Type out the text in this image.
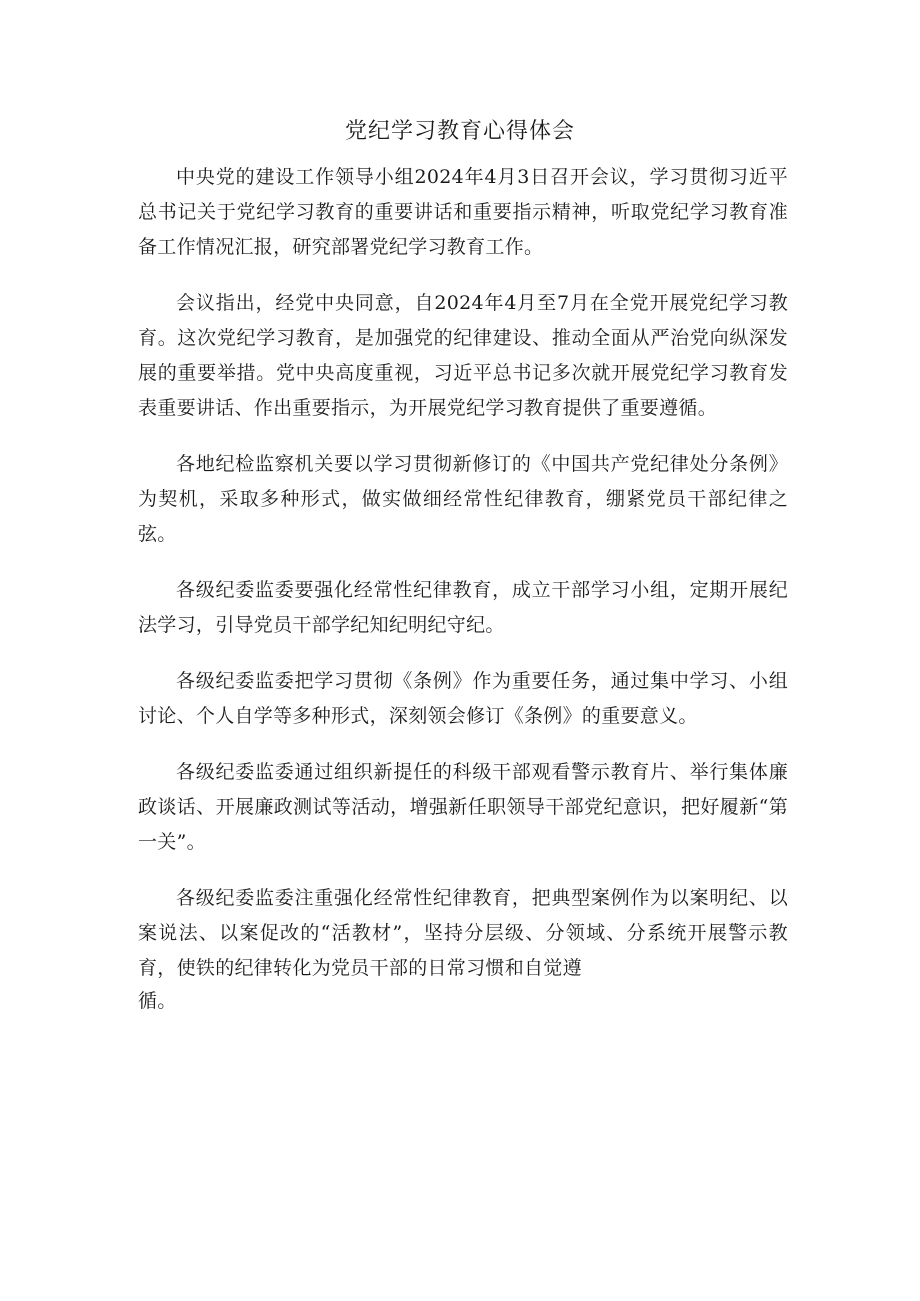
党纪学习教育心得体会

中央党的建设工作领导小组2024年4月3日召开会议，学习贯彻习近平总书记关于党纪学习教育的重要讲话和重要指示精神，听取党纪学习教育准备工作情况汇报，研究部署党纪学习教育工作。

会议指出，经党中央同意，自2024年4月至7月在全党开展党纪学习教育。这次党纪学习教育，是加强党的纪律建设、推动全面从严治党向纵深发展的重要举措。党中央高度重视，习近平总书记多次就开展党纪学习教育发表重要讲话、作出重要指示，为开展党纪学习教育提供了重要遵循。

各地纪检监察机关要以学习贯彻新修订的《中国共产党纪律处分条例》为契机，采取多种形式，做实做细经常性纪律教育，绷紧党员干部纪律之弦。

各级纪委监委要强化经常性纪律教育，成立干部学习小组，定期开展纪法学习，引导党员干部学纪知纪明纪守纪。

各级纪委监委把学习贯彻《条例》作为重要任务，通过集中学习、小组讨论、个人自学等多种形式，深刻领会修订《条例》的重要意义。

各级纪委监委通过组织新提任的科级干部观看警示教育片、举行集体廉政谈话、开展廉政测试等活动，增强新任职领导干部党纪意识，把好履新“第一关”。

各级纪委监委注重强化经常性纪律教育，把典型案例作为以案明纪、以案说法、以案促改的“活教材”，坚持分层级、分领域、分系统开展警示教育，使铁的纪律转化为党员干部的日常习惯和自觉遵
循。
